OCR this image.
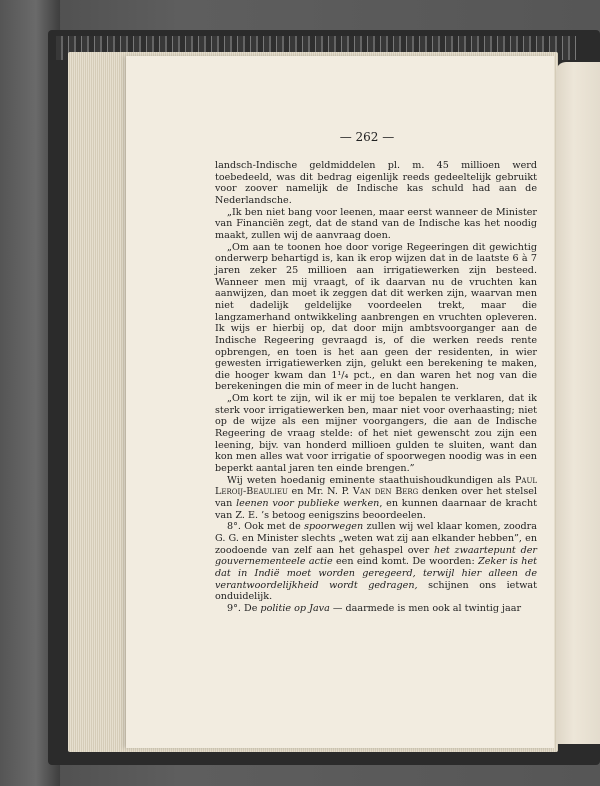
— 262 —

landsch-Indische geldmiddelen pl. m. 45 millioen werd toebedeeld, was dit bedrag eigenlijk reeds gedeeltelijk gebruikt voor zoover namelijk de Indische kas schuld had aan de Nederlandsche.

„Ik ben niet bang voor leenen, maar eerst wanneer de Minister van Financiën zegt, dat de stand van de Indische kas het noodig maakt, zullen wij de aanvraag doen.

„Om aan te toonen hoe door vorige Regeeringen dit gewichtig onderwerp behartigd is, kan ik erop wijzen dat in de laatste 6 à 7 jaren zeker 25 millioen aan irrigatiewerken zijn besteed. Wanneer men mij vraagt, of ik daarvan nu de vruchten kan aanwijzen, dan moet ik zeggen dat dit werken zijn, waarvan men niet dadelijk geldelijke voordeelen trekt, maar die langzamerhand ontwikkeling aanbrengen en vruchten opleveren. Ik wijs er hierbij op, dat door mijn ambtsvoorganger aan de Indische Regeering gevraagd is, of die werken reeds rente opbrengen, en toen is het aan geen der residenten, in wier gewesten irrigatiewerken zijn, gelukt een berekening te maken, die hooger kwam dan 1¹/₄ pct., en dan waren het nog van die berekeningen die min of meer in de lucht hangen.

„Om kort te zijn, wil ik er mij toe bepalen te verklaren, dat ik sterk voor irrigatiewerken ben, maar niet voor overhaasting; niet op de wijze als een mijner voorgangers, die aan de Indische Regeering de vraag stelde: of het niet gewenscht zou zijn een leening, bijv. van honderd millioen gulden te sluiten, want dan kon men alles wat voor irrigatie of spoorwegen noodig was in een beperkt aantal jaren ten einde brengen.”

Wij weten hoedanig eminente staathuishoudkundigen als Paul Leroij-Beaulieu en Mr. N. P. Van den Berg denken over het stelsel van leenen voor publieke werken, en kunnen daarnaar de kracht van Z. E. ’s betoog eenigszins beoordeelen.

8°. Ook met de spoorwegen zullen wij wel klaar komen, zoodra G. G. en Minister slechts „weten wat zij aan elkander hebben”, en zoodoende van zelf aan het gehaspel over het zwaartepunt der gouvernementeele actie een eind komt. De woorden: Zeker is het dat in Indië moet worden geregeerd, terwijl hier alleen de verantwoordelijkheid wordt gedragen, schijnen ons ietwat onduidelijk.

9°. De politie op Java — daarmede is men ook al twintig jaar
